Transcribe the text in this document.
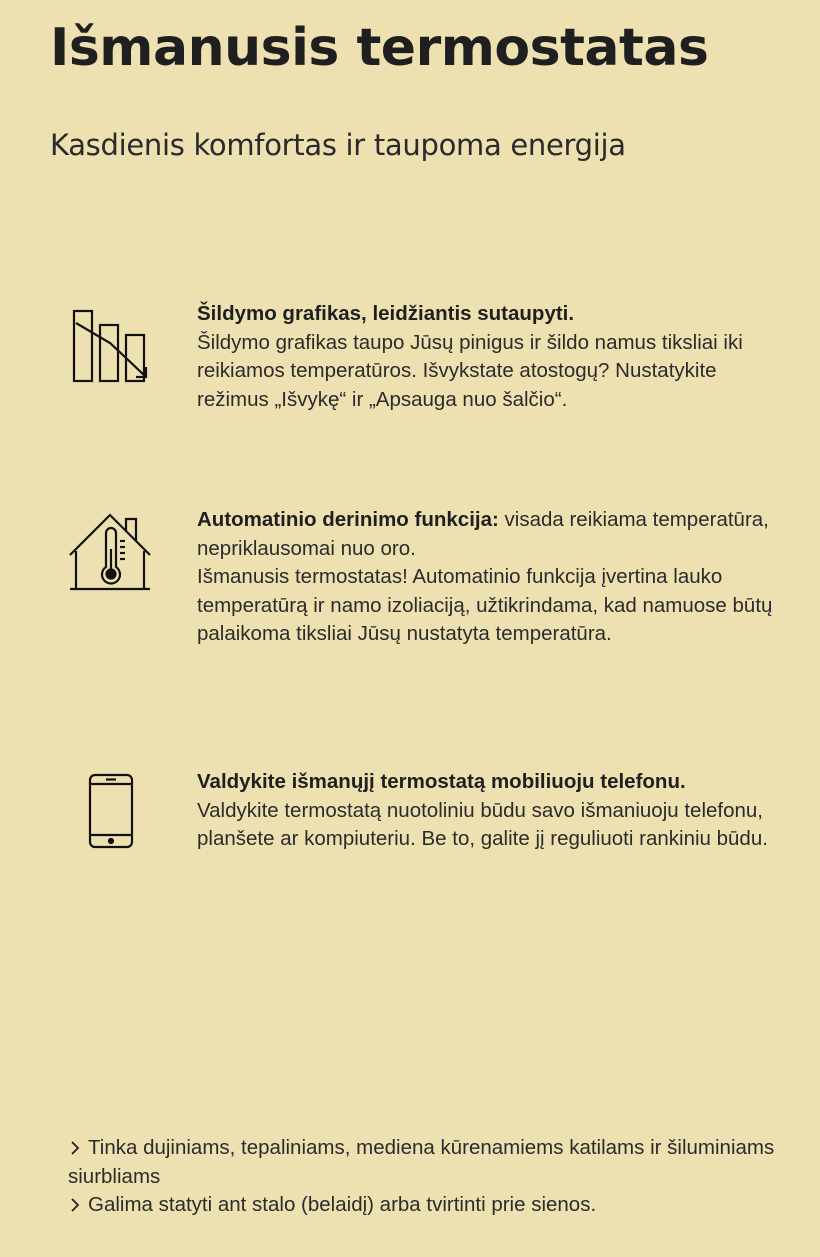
Išmanusis termostatas
Kasdienis komfortas ir taupoma energija
Šildymo grafikas, leidžiantis sutaupyti.
Šildymo grafikas taupo Jūsų pinigus ir šildo namus tiksliai iki reikiamos temperatūros. Išvykstate atostogų? Nustatykite režimus „Išvykę“ ir „Apsauga nuo šalčio“.
Automatinio derinimo funkcija: visada reikiama temperatūra, nepriklausomai nuo oro.
Išmanusis termostatas! Automatinio funkcija įvertina lauko temperatūrą ir namo izoliaciją, užtikrindama, kad namuose būtų palaikoma tiksliai Jūsų nustatyta temperatūra.
Valdykite išmanųjį termostatą mobiliuoju telefonu.
Valdykite termostatą nuotoliniu būdu savo išmaniuoju telefonu, planšete ar kompiuteriu. Be to, galite jį reguliuoti rankiniu būdu.
Tinka dujiniams, tepaliniams, mediena kūrenamiems katilams ir šiluminiams siurbliams
Galima statyti ant stalo (belaidį) arba tvirtinti prie sienos.
